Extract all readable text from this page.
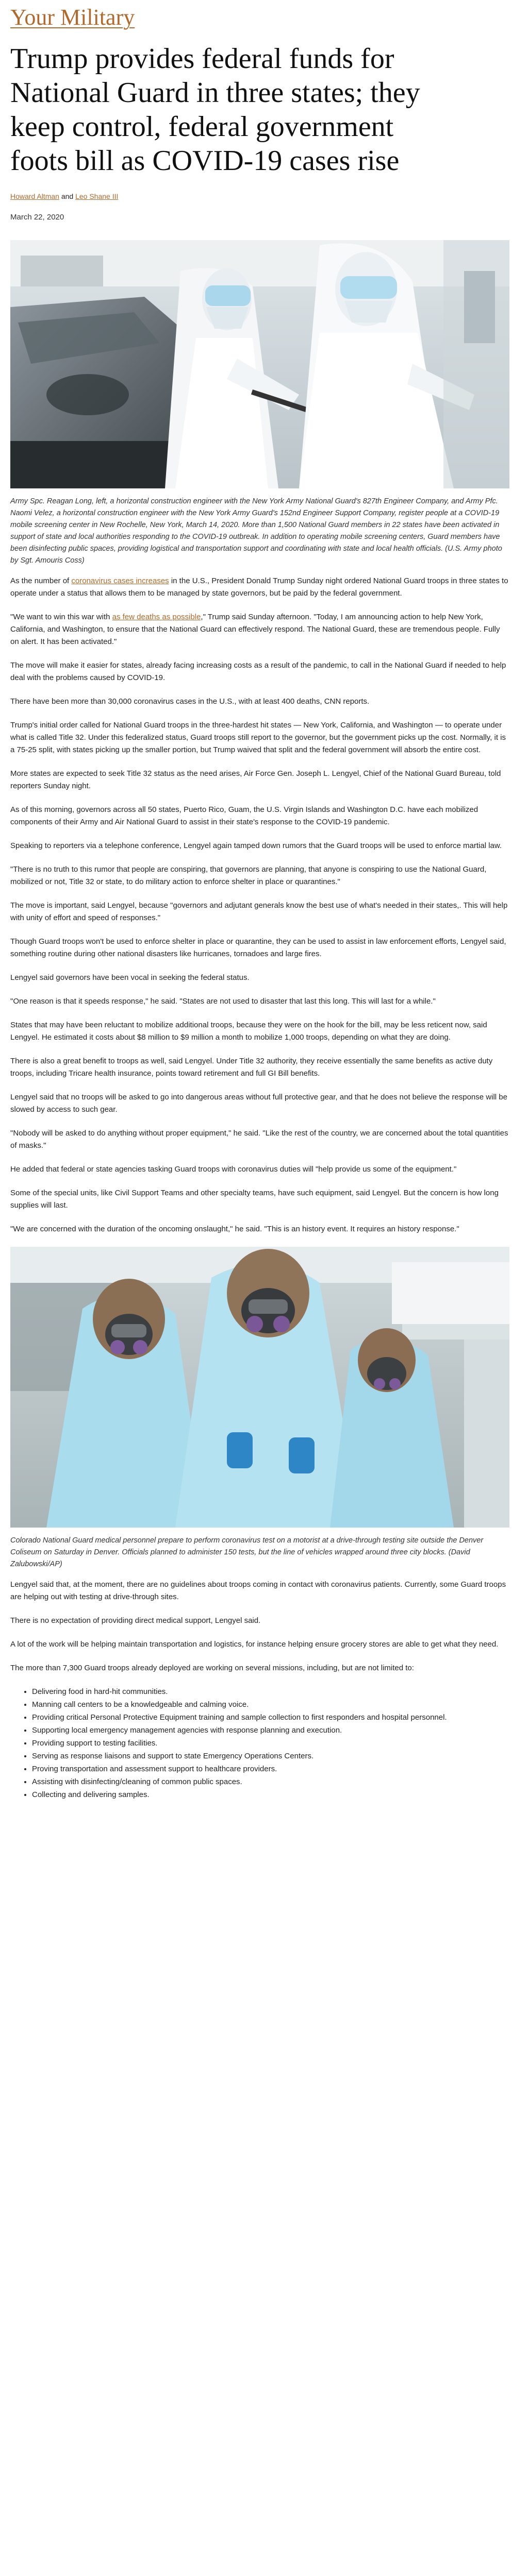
Your Military
Trump provides federal funds for National Guard in three states; they keep control, federal government foots bill as COVID-19 cases rise
Howard Altman and Leo Shane III
March 22, 2020
Army Spc. Reagan Long, left, a horizontal construction engineer with the New York Army National Guard's 827th Engineer Company, and Army Pfc. Naomi Velez, a horizontal construction engineer with the New York Army Guard's 152nd Engineer Support Company, register people at a COVID-19 mobile screening center in New Rochelle, New York, March 14, 2020. More than 1,500 National Guard members in 22 states have been activated in support of state and local authorities responding to the COVID-19 outbreak. In addition to operating mobile screening centers, Guard members have been disinfecting public spaces, providing logistical and transportation support and coordinating with state and local health officials. (U.S. Army photo by Sgt. Amouris Coss)

As the number of coronavirus cases increases in the U.S., President Donald Trump Sunday night ordered National Guard troops in three states to operate under a status that allows them to be managed by state governors, but be paid by the federal government.

"We want to win this war with as few deaths as possible," Trump said Sunday afternoon. "Today, I am announcing action to help New York, California, and Washington, to ensure that the National Guard can effectively respond. The National Guard, these are tremendous people. Fully on alert. It has been activated."

The move will make it easier for states, already facing increasing costs as a result of the pandemic, to call in the National Guard if needed to help deal with the problems caused by COVID-19.

There have been more than 30,000 coronavirus cases in the U.S., with at least 400 deaths, CNN reports.

Trump's initial order called for National Guard troops in the three-hardest hit states — New York, California, and Washington — to operate under what is called Title 32. Under this federalized status, Guard troops still report to the governor, but the government picks up the cost. Normally, it is a 75-25 split, with states picking up the smaller portion, but Trump waived that split and the federal government will absorb the entire cost.

More states are expected to seek Title 32 status as the need arises, Air Force Gen. Joseph L. Lengyel, Chief of the National Guard Bureau, told reporters Sunday night.

As of this morning, governors across all 50 states, Puerto Rico, Guam, the U.S. Virgin Islands and Washington D.C. have each mobilized components of their Army and Air National Guard to assist in their state's response to the COVID-19 pandemic.

Speaking to reporters via a telephone conference, Lengyel again tamped down rumors that the Guard troops will be used to enforce martial law.

"There is no truth to this rumor that people are conspiring, that governors are planning, that anyone is conspiring to use the National Guard, mobilized or not, Title 32 or state, to do military action to enforce shelter in place or quarantines."

The move is important, said Lengyel, because "governors and adjutant generals know the best use of what's needed in their states,. This will help with unity of effort and speed of responses."

Though Guard troops won't be used to enforce shelter in place or quarantine, they can be used to assist in law enforcement efforts, Lengyel said, something routine during other national disasters like hurricanes, tornadoes and large fires.

Lengyel said governors have been vocal in seeking the federal status.

"One reason is that it speeds response," he said. "States are not used to disaster that last this long. This will last for a while."

States that may have been reluctant to mobilize additional troops, because they were on the hook for the bill, may be less reticent now, said Lengyel. He estimated it costs about $8 million to $9 million a month to mobilize 1,000 troops, depending on what they are doing.

There is also a great benefit to troops as well, said Lengyel. Under Title 32 authority, they receive essentially the same benefits as active duty troops, including Tricare health insurance, points toward retirement and full GI Bill benefits.

Lengyel said that no troops will be asked to go into dangerous areas without full protective gear, and that he does not believe the response will be slowed by access to such gear.

"Nobody will be asked to do anything without proper equipment," he said. "Like the rest of the country, we are concerned about the total quantities of masks."

He added that federal or state agencies tasking Guard troops with coronavirus duties will "help provide us some of the equipment."

Some of the special units, like Civil Support Teams and other specialty teams, have such equipment, said Lengyel. But the concern is how long supplies will last.

"We are concerned with the duration of the oncoming onslaught," he said. "This is an history event. It requires an history response."

Colorado National Guard medical personnel prepare to perform coronavirus test on a motorist at a drive-through testing site outside the Denver Coliseum on Saturday in Denver. Officials planned to administer 150 tests, but the line of vehicles wrapped around three city blocks. (David Zalubowski/AP)

Lengyel said that, at the moment, there are no guidelines about troops coming in contact with coronavirus patients. Currently, some Guard troops are helping out with testing at drive-through sites.

There is no expectation of providing direct medical support, Lengyel said.

A lot of the work will be helping maintain transportation and logistics, for instance helping ensure grocery stores are able to get what they need.

The more than 7,300 Guard troops already deployed are working on several missions, including, but are not limited to:

• Delivering food in hard-hit communities.
• Manning call centers to be a knowledgeable and calming voice.
• Providing critical Personal Protective Equipment training and sample collection to first responders and hospital personnel.
• Supporting local emergency management agencies with response planning and execution.
• Providing support to testing facilities.
• Serving as response liaisons and support to state Emergency Operations Centers.
• Proving transportation and assessment support to healthcare providers.
• Assisting with disinfecting/cleaning of common public spaces.
• Collecting and delivering samples.
